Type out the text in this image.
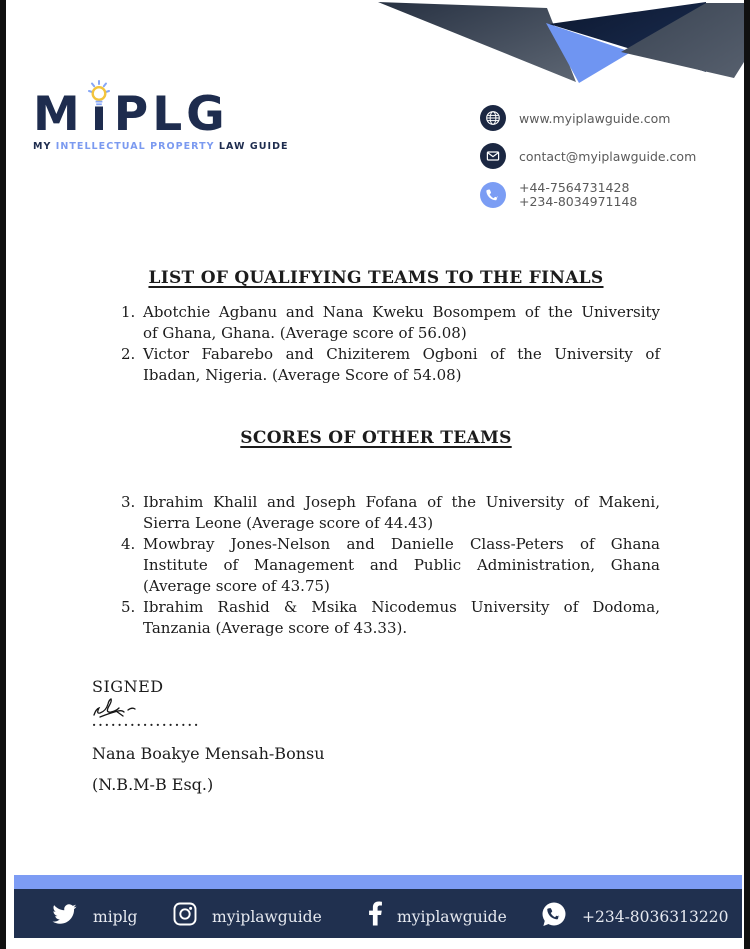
M PLG
MY INTELLECTUAL PROPERTY LAW GUIDE
www.myiplawguide.com
contact@myiplawguide.com
+44-7564731428
+234-8034971148
LIST OF QUALIFYING TEAMS TO THE FINALS
1. Abotchie Agbanu and Nana Kweku Bosompem of the University
of Ghana, Ghana. (Average score of 56.08)
2. Victor Fabarebo and Chiziterem Ogboni of the University of
Ibadan, Nigeria. (Average Score of 54.08)
SCORES OF OTHER TEAMS
3. Ibrahim Khalil and Joseph Fofana of the University of Makeni,
Sierra Leone (Average score of 44.43)
4. Mowbray Jones-Nelson and Danielle Class-Peters of Ghana
Institute of Management and Public Administration, Ghana
(Average score of 43.75)
5. Ibrahim Rashid & Msika Nicodemus University of Dodoma,
Tanzania (Average score of 43.33).
SIGNED
.................
Nana Boakye Mensah-Bonsu
(N.B.M-B Esq.)
miplg	myiplawguide	myiplawguide	+234-8036313220
